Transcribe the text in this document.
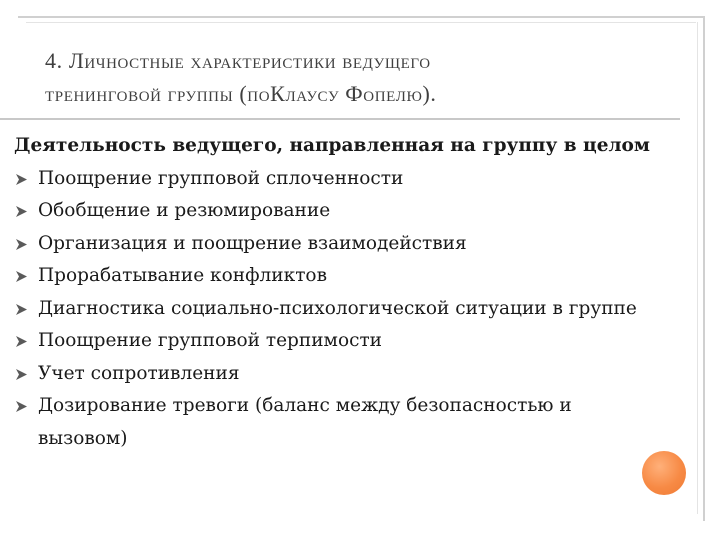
4. Личностные характеристики ведущего
тренинговой группы (поКлаусу Фопелю).
Деятельность ведущего, направленная на группу в целом
Поощрение групповой сплоченности
Обобщение и резюмирование
Организация и поощрение взаимодействия
Прорабатывание конфликтов
Диагностика социально-психологической ситуации в группе
Поощрение групповой терпимости
Учет сопротивления
Дозирование тревоги (баланс между безопасностью и вызовом)
